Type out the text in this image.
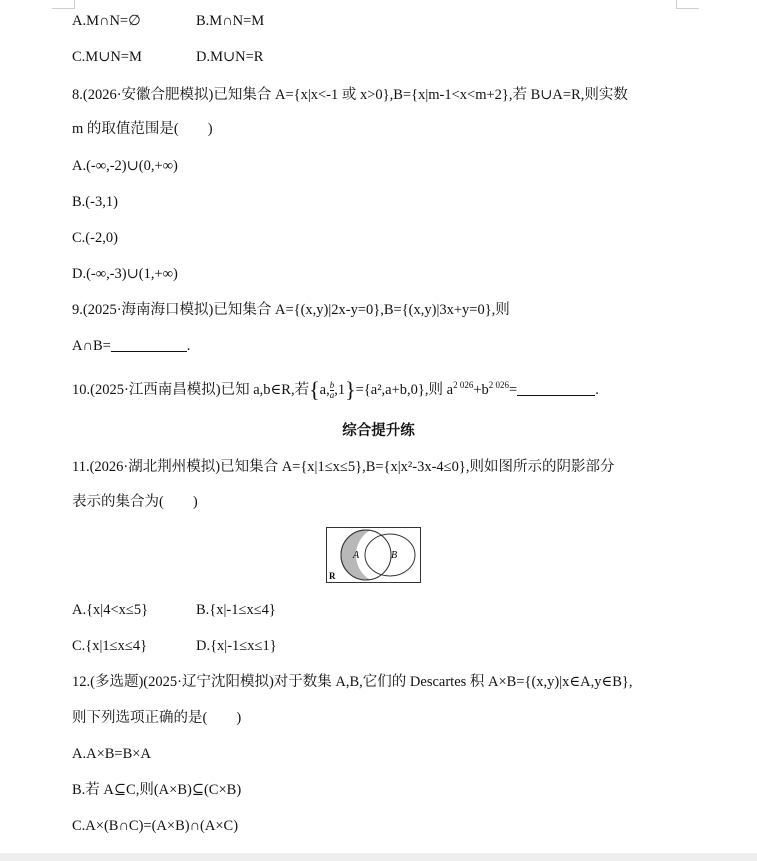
A.M∩N=∅	B.M∩N=M
C.M∪N=M	D.M∪N=R
8.(2026·安徽合肥模拟)已知集合 A={x|x<-1 或 x>0},B={x|m-1<x<m+2},若 B∪A=R,则实数
m 的取值范围是(　　)
A.(-∞,-2)∪(0,+∞)
B.(-3,1)
C.(-2,0)
D.(-∞,-3)∪(1,+∞)
9.(2025·海南海口模拟)已知集合 A={(x,y)|2x-y=0},B={(x,y)|3x+y=0},则
A∩B=	.
10.(2025·江西南昌模拟)已知 a,b∈R,若{a, $\frac{b}{a} ,1\}=\{a^2,a+b,0\}$,则 $a^{2 026}+b^{2 026}=$	.
综合提升练
11.(2026·湖北荆州模拟)已知集合 A={x|1≤x≤5},B={x|x²-3x-4≤0},则如图所示的阴影部分
表示的集合为(　　)
A	B
R
A.{x|4<x≤5}	B.{x|-1≤x≤4}
C.{x|1≤x≤4}	D.{x|-1≤x≤1}
12.(多选题)(2025·辽宁沈阳模拟)对于数集 A,B,它们的 Descartes 积 A×B={(x,y)|x∈A,y∈B},
则下列选项正确的是(　　)
A.A×B=B×A
B.若 A⊆C,则(A×B)⊆(C×B)
C.A×(B∩C)=(A×B)∩(A×C)
